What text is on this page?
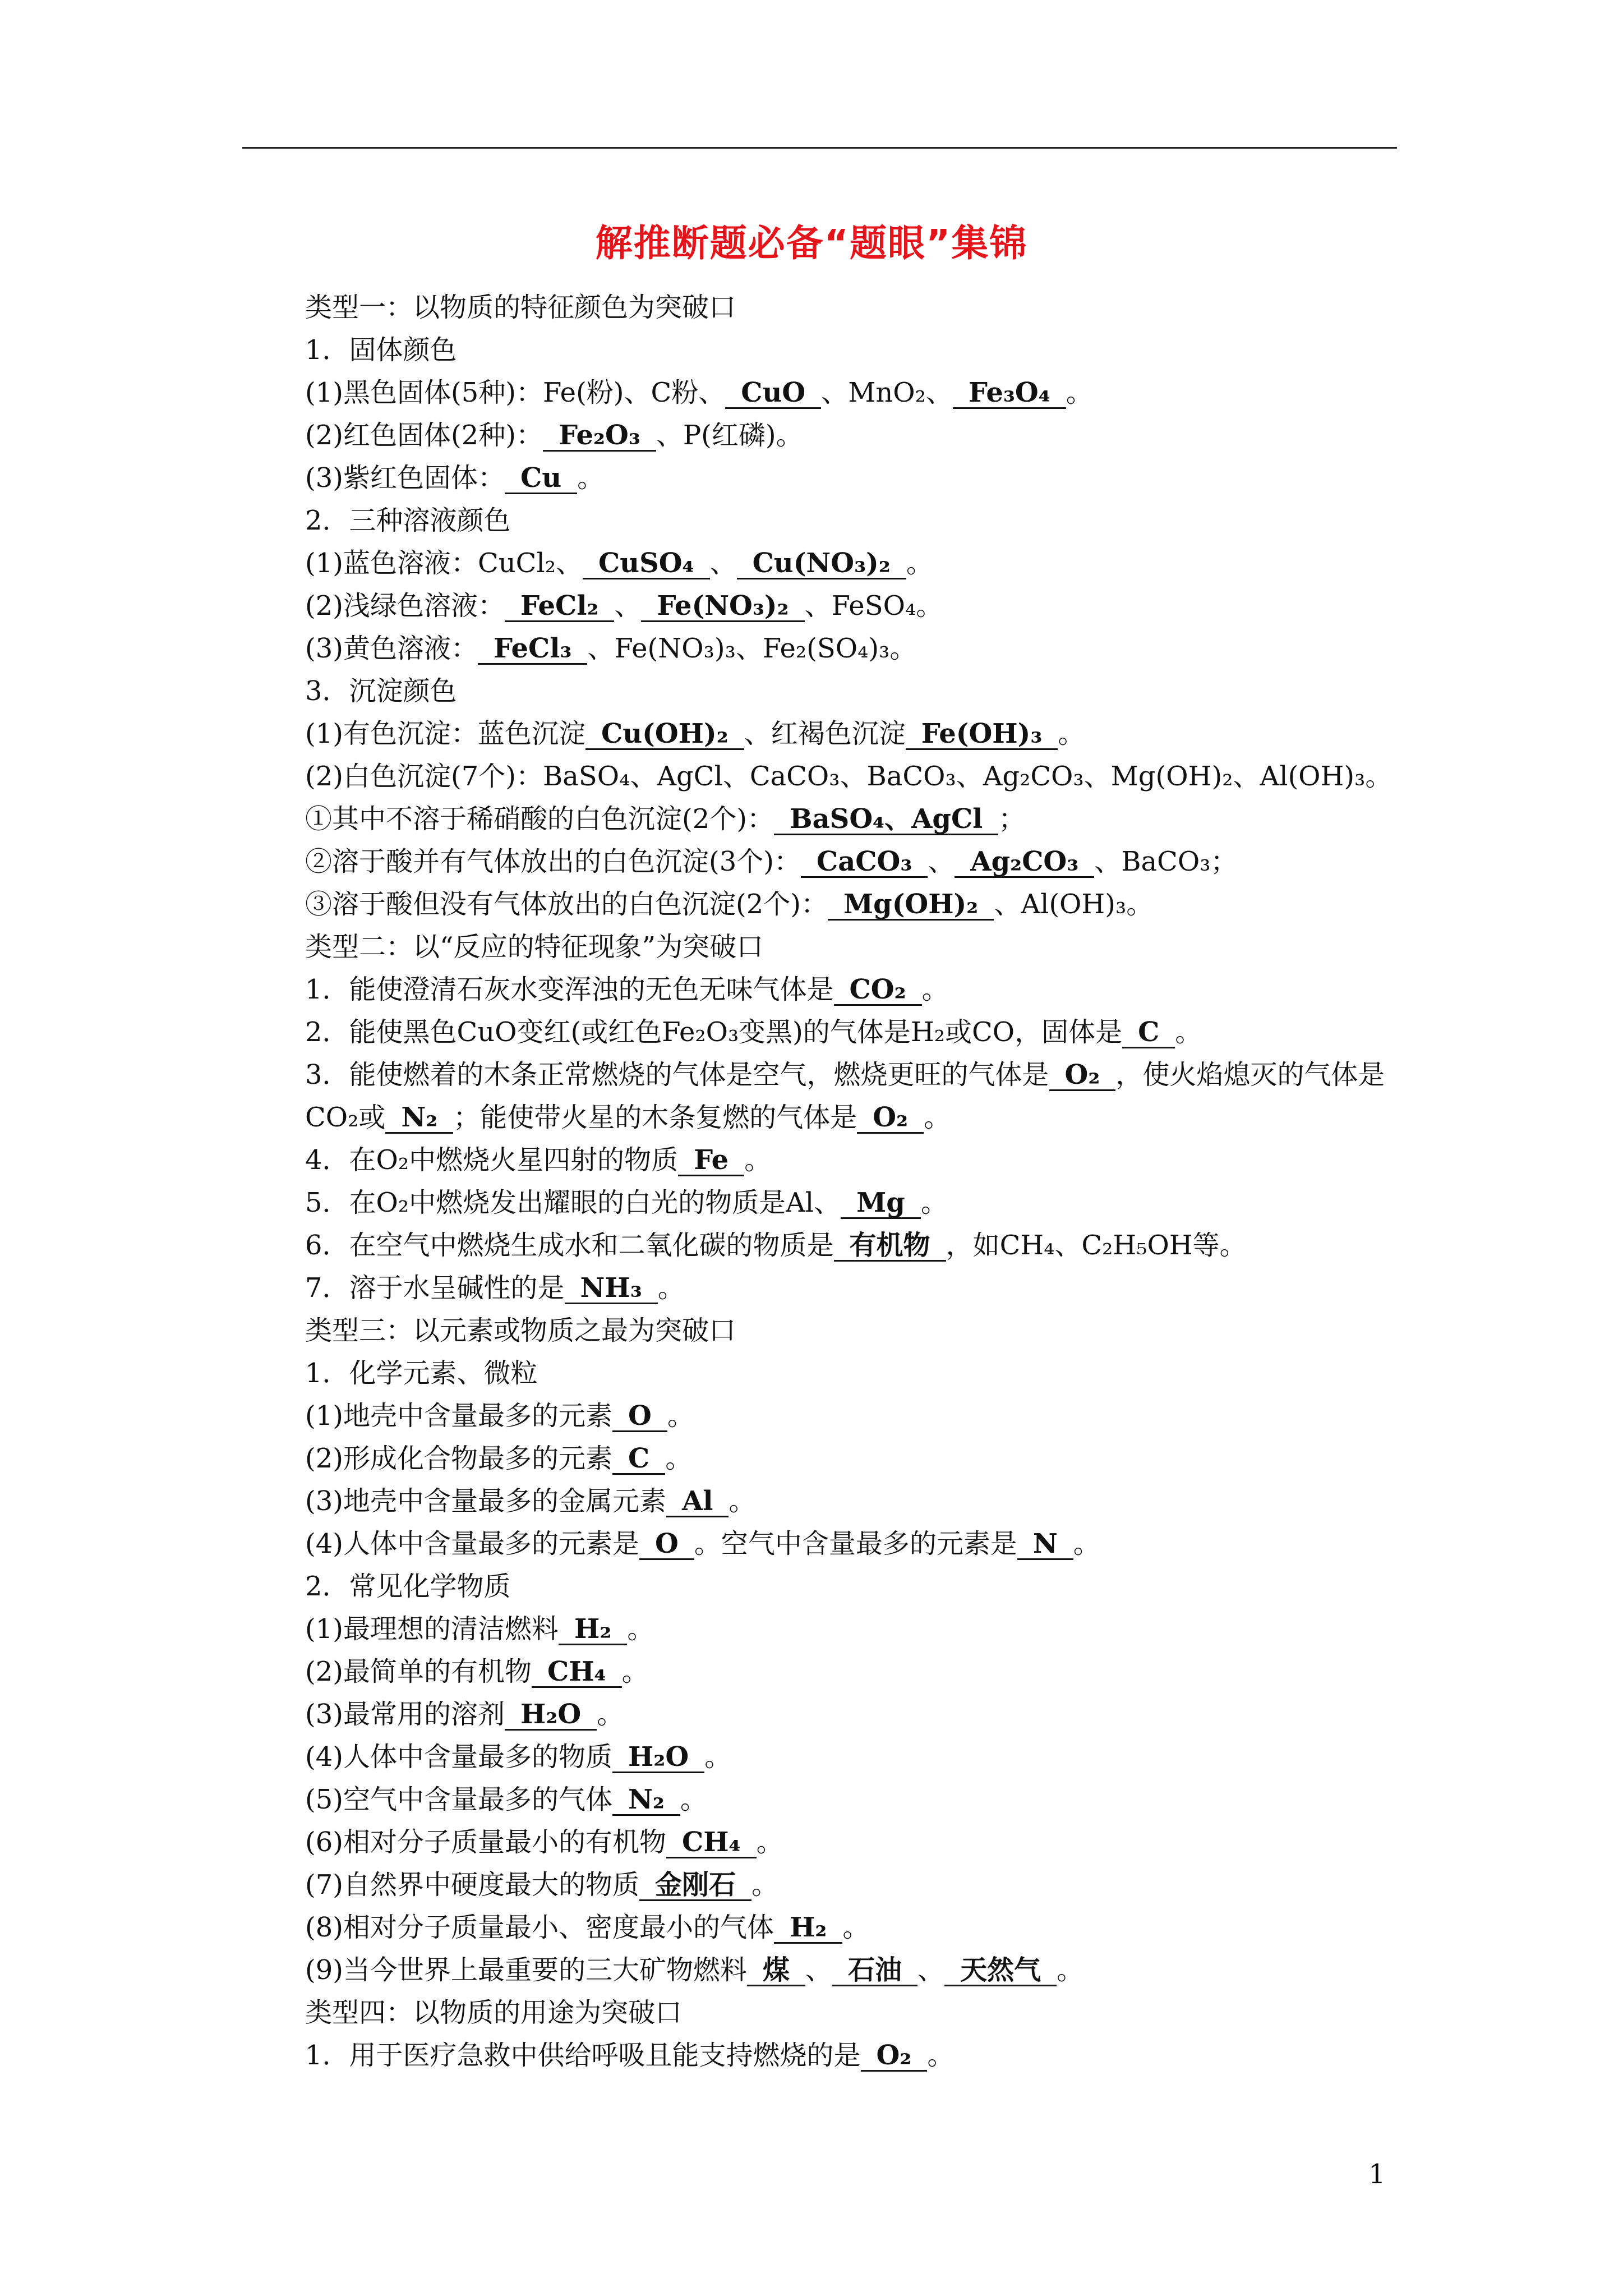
解推断题必备“题眼”集锦
类型一：以物质的特征颜色为突破口
1．固体颜色
(1)黑色固体(5种)：Fe(粉)、C粉、 CuO 、MnO₂、 Fe₃O₄ 。
(2)红色固体(2种)： Fe₂O₃ 、P(红磷)。
(3)紫红色固体： Cu 。
2．三种溶液颜色
(1)蓝色溶液：CuCl₂、 CuSO₄ 、 Cu(NO₃)₂ 。
(2)浅绿色溶液： FeCl₂ 、 Fe(NO₃)₂ 、FeSO₄。
(3)黄色溶液： FeCl₃ 、Fe(NO₃)₃、Fe₂(SO₄)₃。
3．沉淀颜色
(1)有色沉淀：蓝色沉淀 Cu(OH)₂ 、红褐色沉淀 Fe(OH)₃ 。
(2)白色沉淀(7个)：BaSO₄、AgCl、CaCO₃、BaCO₃、Ag₂CO₃、Mg(OH)₂、Al(OH)₃。
①其中不溶于稀硝酸的白色沉淀(2个)： BaSO₄、AgCl ；
②溶于酸并有气体放出的白色沉淀(3个)： CaCO₃ 、 Ag₂CO₃ 、BaCO₃；
③溶于酸但没有气体放出的白色沉淀(2个)： Mg(OH)₂ 、Al(OH)₃。
类型二：以“反应的特征现象”为突破口
1．能使澄清石灰水变浑浊的无色无味气体是 CO₂ 。
2．能使黑色CuO变红(或红色Fe₂O₃变黑)的气体是H₂或CO，固体是 C 。
3．能使燃着的木条正常燃烧的气体是空气，燃烧更旺的气体是 O₂ ，使火焰熄灭的气体是CO₂或 N₂ ；能使带火星的木条复燃的气体是 O₂ 。
4．在O₂中燃烧火星四射的物质 Fe 。
5．在O₂中燃烧发出耀眼的白光的物质是Al、 Mg 。
6．在空气中燃烧生成水和二氧化碳的物质是 有机物 ，如CH₄、C₂H₅OH等。
7．溶于水呈碱性的是 NH₃ 。
类型三：以元素或物质之最为突破口
1．化学元素、微粒
(1)地壳中含量最多的元素 O 。
(2)形成化合物最多的元素 C 。
(3)地壳中含量最多的金属元素 Al 。
(4)人体中含量最多的元素是 O 。空气中含量最多的元素是 N 。
2．常见化学物质
(1)最理想的清洁燃料 H₂ 。
(2)最简单的有机物 CH₄ 。
(3)最常用的溶剂 H₂O 。
(4)人体中含量最多的物质 H₂O 。
(5)空气中含量最多的气体 N₂ 。
(6)相对分子质量最小的有机物 CH₄ 。
(7)自然界中硬度最大的物质 金刚石 。
(8)相对分子质量最小、密度最小的气体 H₂ 。
(9)当今世界上最重要的三大矿物燃料 煤 、 石油 、 天然气 。
类型四：以物质的用途为突破口
1．用于医疗急救中供给呼吸且能支持燃烧的是 O₂ 。
1
